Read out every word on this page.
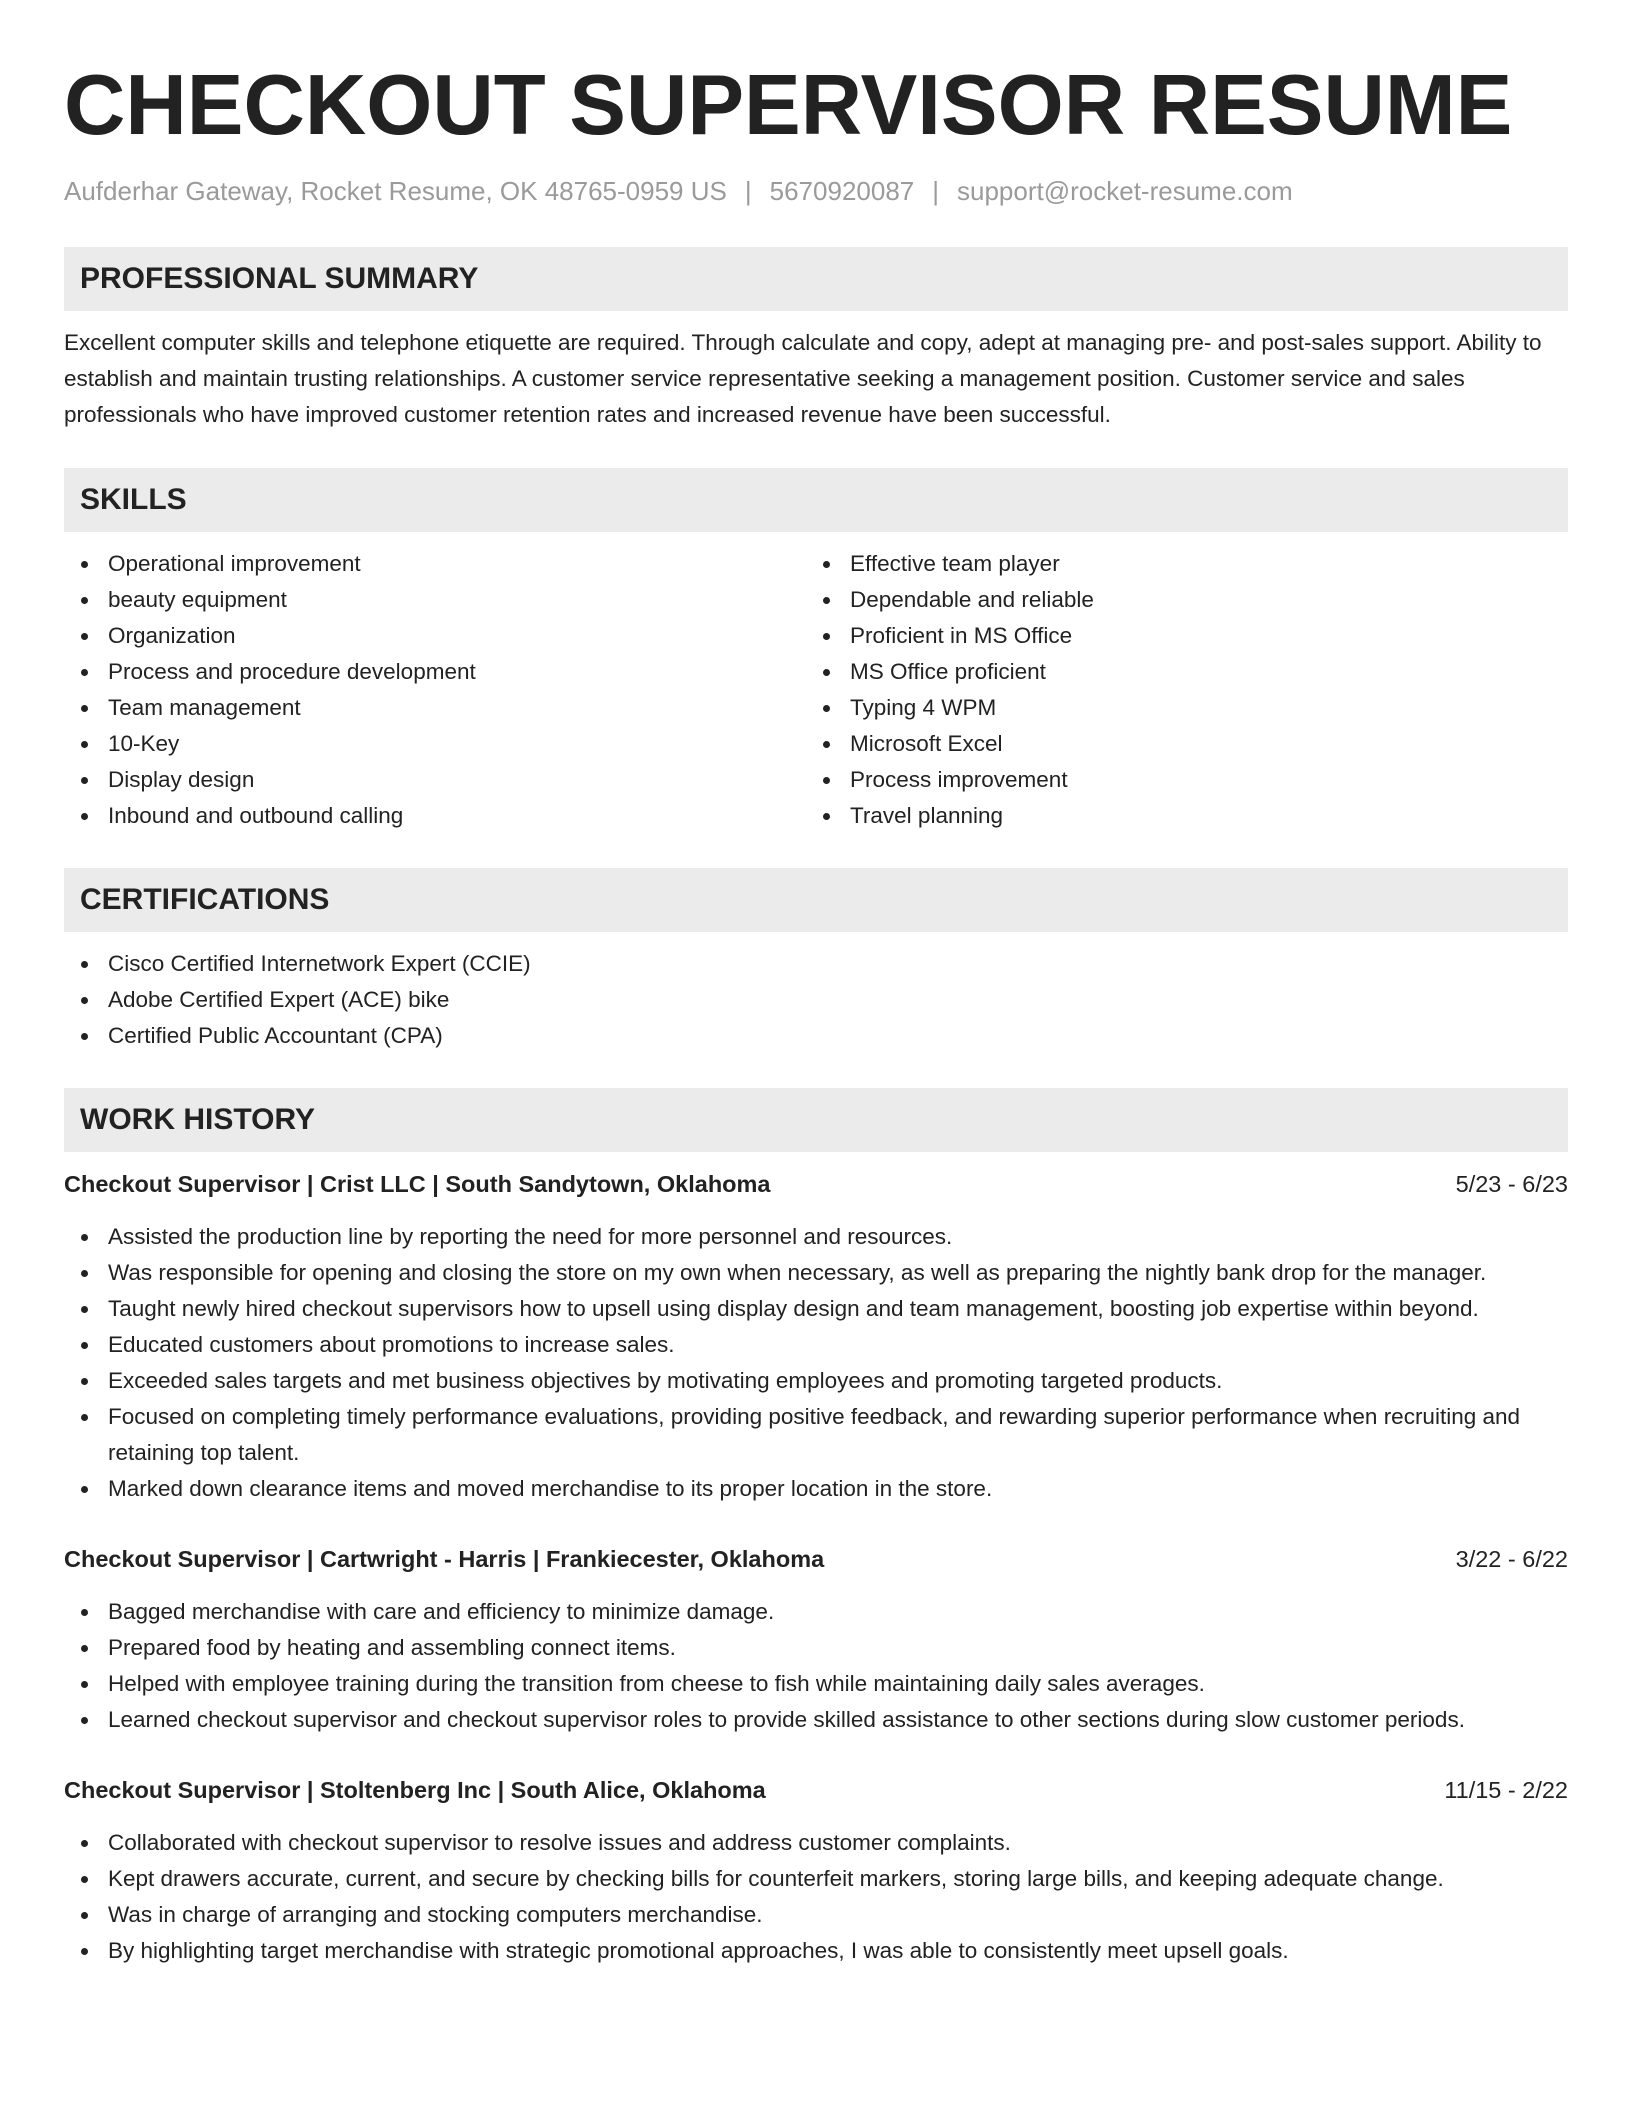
CHECKOUT SUPERVISOR RESUME
Aufderhar Gateway, Rocket Resume, OK 48765-0959 US | 5670920087 | support@rocket-resume.com
PROFESSIONAL SUMMARY

Excellent computer skills and telephone etiquette are required. Through calculate and copy, adept at managing pre- and post-sales support. Ability to establish and maintain trusting relationships. A customer service representative seeking a management position. Customer service and sales professionals who have improved customer retention rates and increased revenue have been successful.

SKILLS
Operational improvement
beauty equipment
Organization
Process and procedure development
Team management
10-Key
Display design
Inbound and outbound calling
Effective team player
Dependable and reliable
Proficient in MS Office
MS Office proficient
Typing 4 WPM
Microsoft Excel
Process improvement
Travel planning
CERTIFICATIONS
Cisco Certified Internetwork Expert (CCIE)
Adobe Certified Expert (ACE) bike
Certified Public Accountant (CPA)
WORK HISTORY
Checkout Supervisor | Crist LLC | South Sandytown, Oklahoma	5/23 - 6/23
Assisted the production line by reporting the need for more personnel and resources.
Was responsible for opening and closing the store on my own when necessary, as well as preparing the nightly bank drop for the manager.
Taught newly hired checkout supervisors how to upsell using display design and team management, boosting job expertise within beyond.
Educated customers about promotions to increase sales.
Exceeded sales targets and met business objectives by motivating employees and promoting targeted products.
Focused on completing timely performance evaluations, providing positive feedback, and rewarding superior performance when recruiting and retaining top talent.
Marked down clearance items and moved merchandise to its proper location in the store.
Checkout Supervisor | Cartwright - Harris | Frankiecester, Oklahoma	3/22 - 6/22
Bagged merchandise with care and efficiency to minimize damage.
Prepared food by heating and assembling connect items.
Helped with employee training during the transition from cheese to fish while maintaining daily sales averages.
Learned checkout supervisor and checkout supervisor roles to provide skilled assistance to other sections during slow customer periods.
Checkout Supervisor | Stoltenberg Inc | South Alice, Oklahoma	11/15 - 2/22
Collaborated with checkout supervisor to resolve issues and address customer complaints.
Kept drawers accurate, current, and secure by checking bills for counterfeit markers, storing large bills, and keeping adequate change.
Was in charge of arranging and stocking computers merchandise.
By highlighting target merchandise with strategic promotional approaches, I was able to consistently meet upsell goals.
